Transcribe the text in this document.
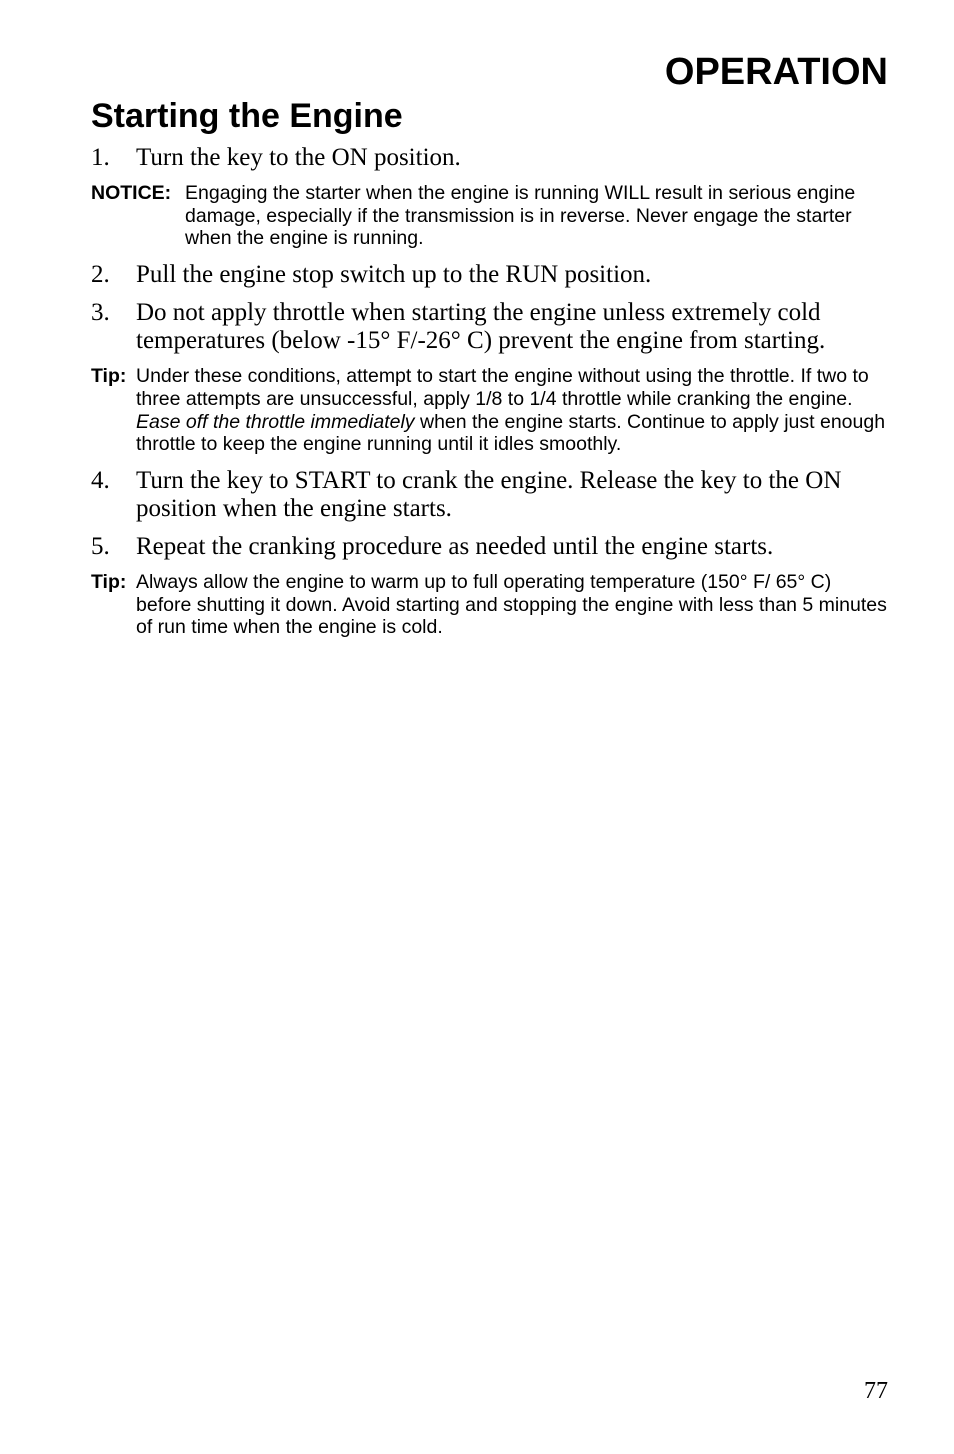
OPERATION
Starting the Engine
1.	Turn the key to the ON position.
NOTICE: Engaging the starter when the engine is running WILL result in serious engine damage, especially if the transmission is in reverse. Never engage the starter when the engine is running.
2.	Pull the engine stop switch up to the RUN position.
3.	Do not apply throttle when starting the engine unless extremely cold temperatures (below -15° F/-26° C) prevent the engine from starting.
Tip: Under these conditions, attempt to start the engine without using the throttle. If two to three attempts are unsuccessful, apply 1/8 to 1/4 throttle while cranking the engine. Ease off the throttle immediately when the engine starts. Continue to apply just enough throttle to keep the engine running until it idles smoothly.
4.	Turn the key to START to crank the engine. Release the key to the ON position when the engine starts.
5.	Repeat the cranking procedure as needed until the engine starts.
Tip: Always allow the engine to warm up to full operating temperature (150° F/ 65° C) before shutting it down. Avoid starting and stopping the engine with less than 5 minutes of run time when the engine is cold.
77
